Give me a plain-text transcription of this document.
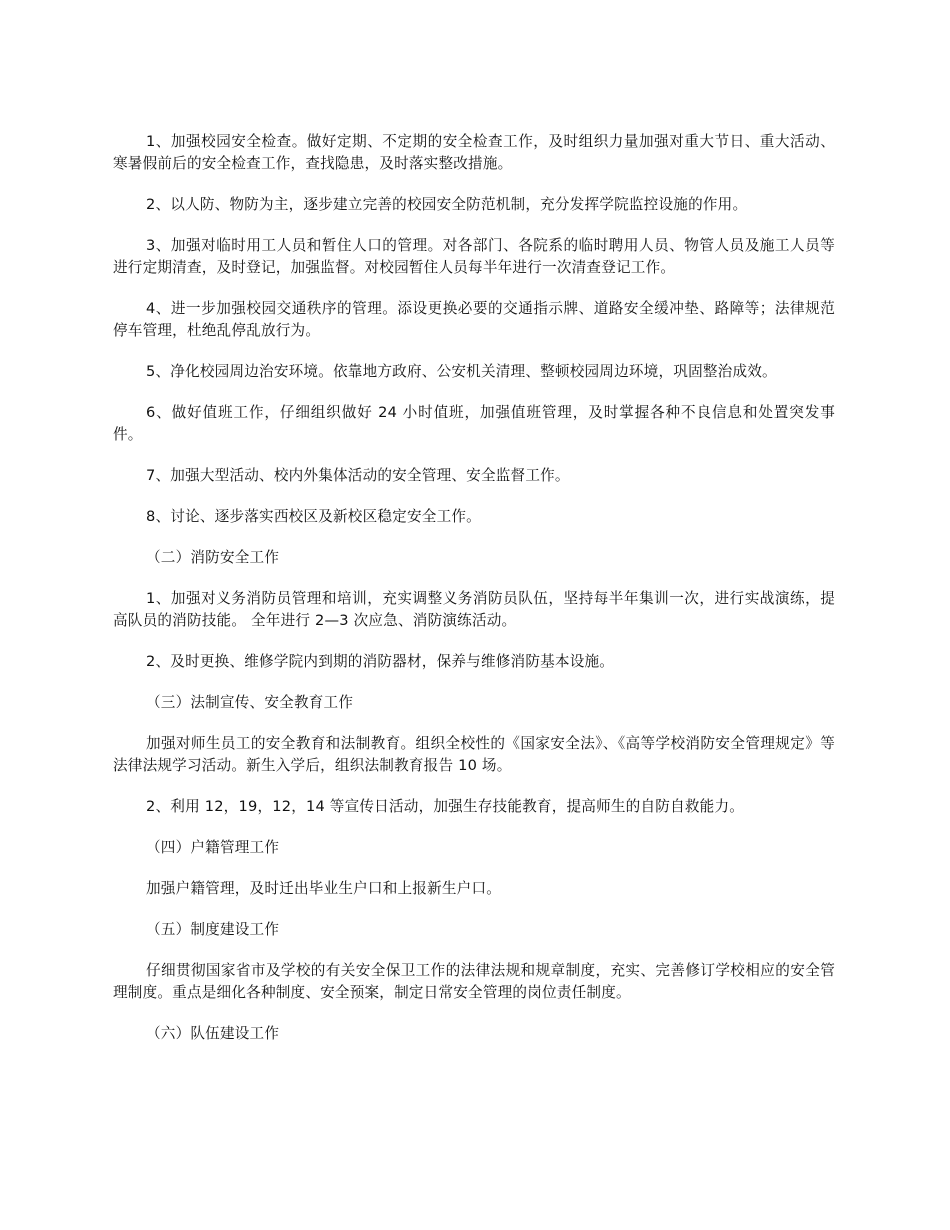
1、加强校园安全检查。做好定期、不定期的安全检查工作，及时组织力量加强对重大节日、重大活动、寒暑假前后的安全检查工作，查找隐患，及时落实整改措施。

2、以人防、物防为主，逐步建立完善的校园安全防范机制，充分发挥学院监控设施的作用。

3、加强对临时用工人员和暂住人口的管理。对各部门、各院系的临时聘用人员、物管人员及施工人员等进行定期清查，及时登记，加强监督。对校园暂住人员每半年进行一次清查登记工作。

4、进一步加强校园交通秩序的管理。添设更换必要的交通指示牌、道路安全缓冲垫、路障等；法律规范停车管理，杜绝乱停乱放行为。

5、净化校园周边治安环境。依靠地方政府、公安机关清理、整顿校园周边环境，巩固整治成效。

6、做好值班工作，仔细组织做好 24 小时值班，加强值班管理，及时掌握各种不良信息和处置突发事件。

7、加强大型活动、校内外集体活动的安全管理、安全监督工作。

8、讨论、逐步落实西校区及新校区稳定安全工作。

（二）消防安全工作

1、加强对义务消防员管理和培训，充实调整义务消防员队伍，坚持每半年集训一次，进行实战演练，提高队员的消防技能。 全年进行 2—3 次应急、消防演练活动。

2、及时更换、维修学院内到期的消防器材，保养与维修消防基本设施。

（三）法制宣传、安全教育工作

加强对师生员工的安全教育和法制教育。组织全校性的《国家安全法》、《高等学校消防安全管理规定》等法律法规学习活动。新生入学后，组织法制教育报告 10 场。

2、利用 12，19，12，14 等宣传日活动，加强生存技能教育，提高师生的自防自救能力。

（四）户籍管理工作

加强户籍管理，及时迁出毕业生户口和上报新生户口。

（五）制度建设工作

仔细贯彻国家省市及学校的有关安全保卫工作的法律法规和规章制度，充实、完善修订学校相应的安全管理制度。重点是细化各种制度、安全预案，制定日常安全管理的岗位责任制度。

（六）队伍建设工作
